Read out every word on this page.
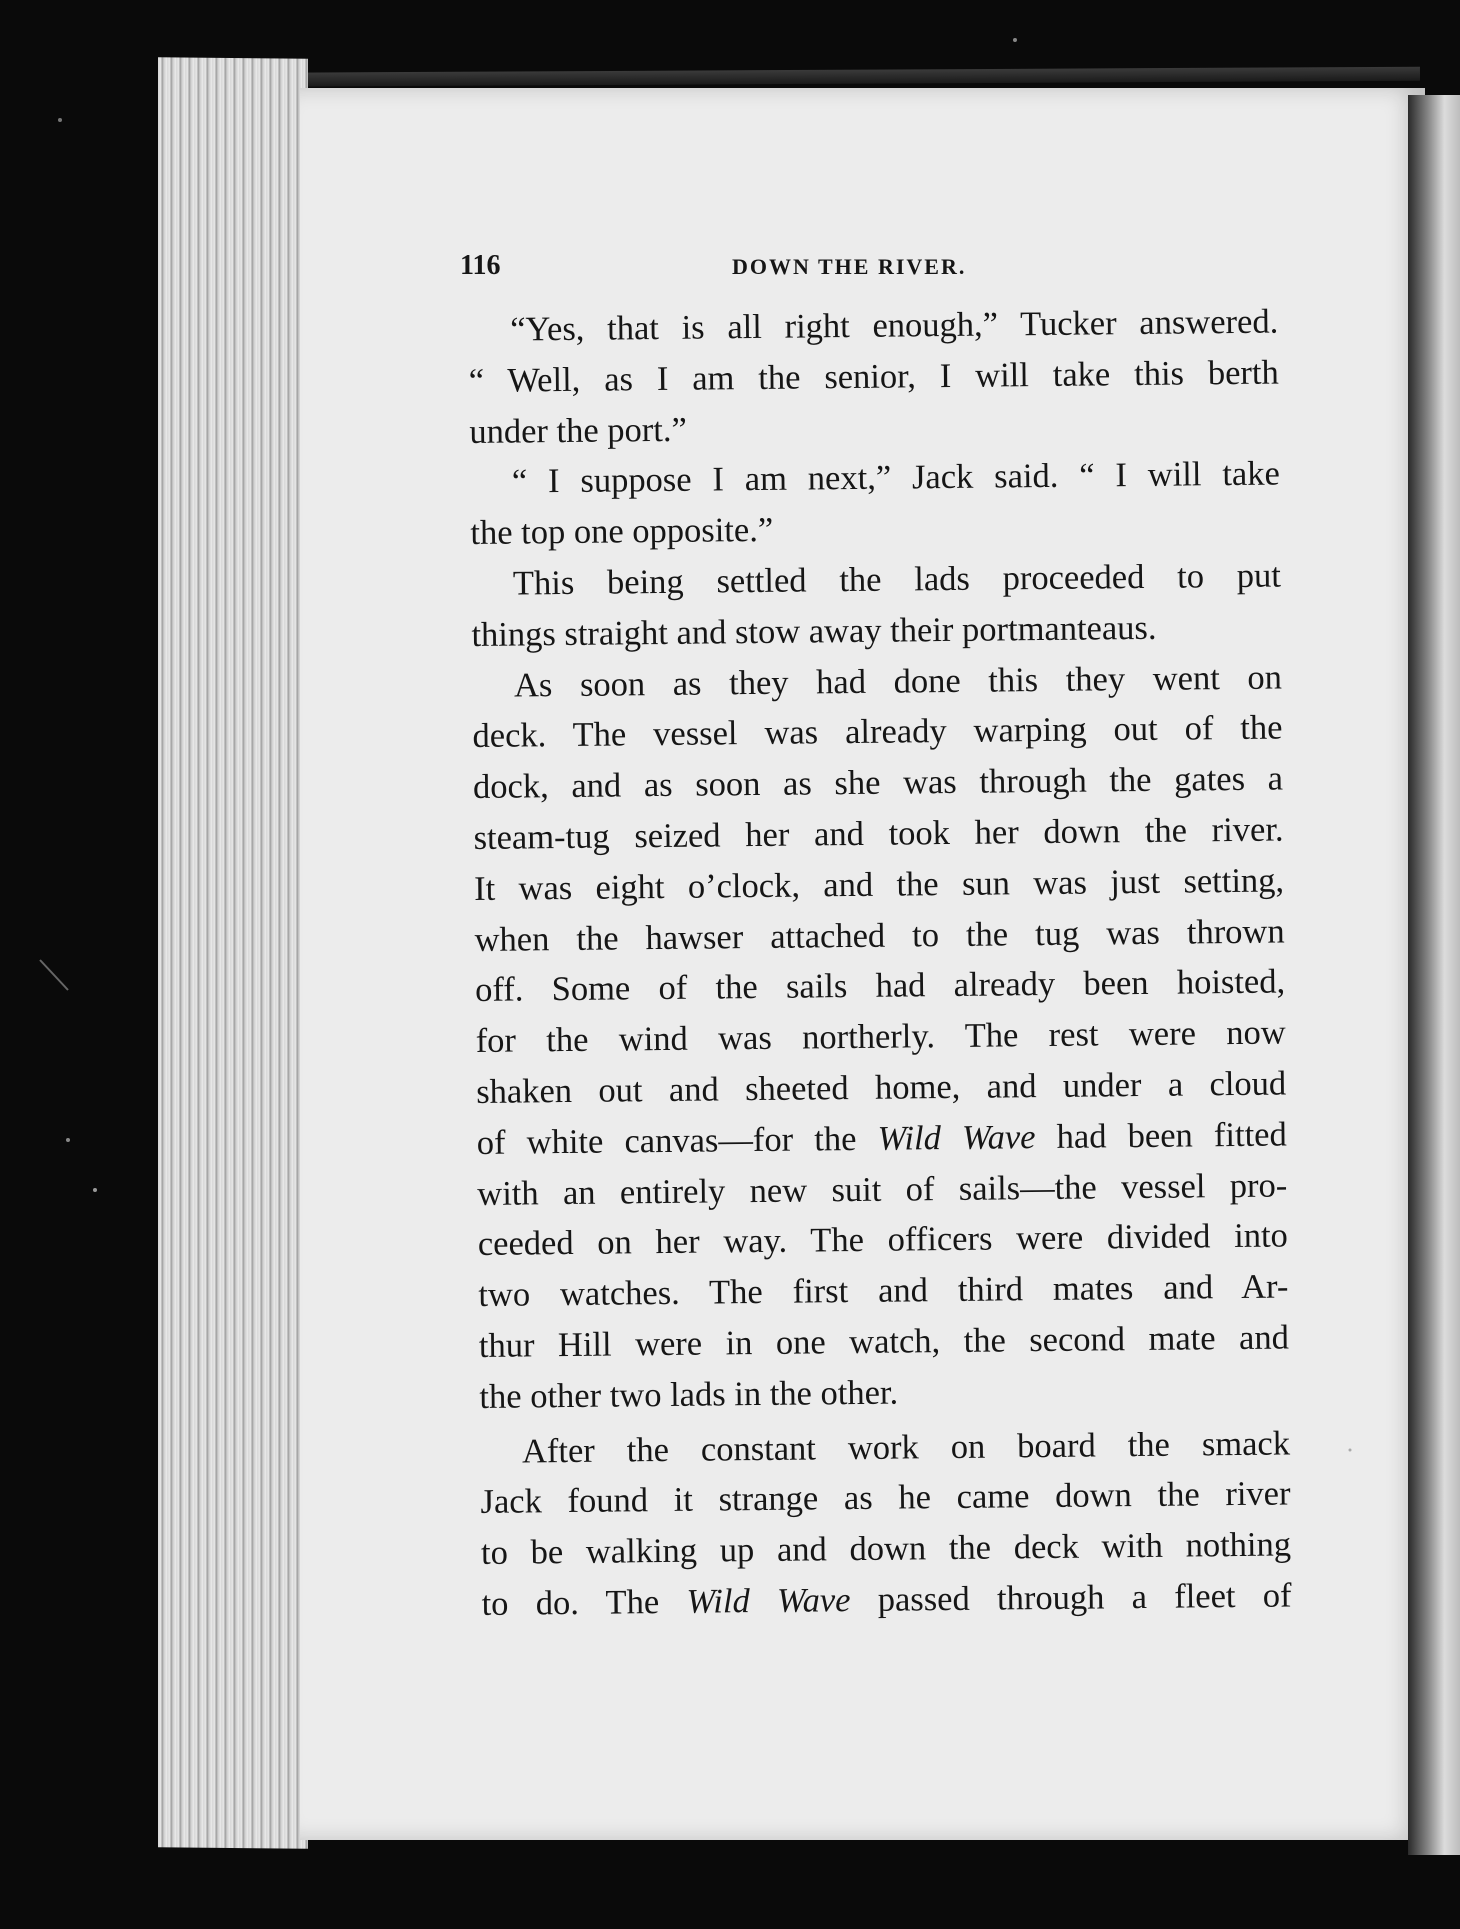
116	DOWN THE RIVER.
“Yes, that is all right enough,” Tucker answered.
“ Well, as I am the senior, I will take this berth
under the port.”
“ I suppose I am next,” Jack said. “ I will take
the top one opposite.”
This being settled the lads proceeded to put
things straight and stow away their portmanteaus.
As soon as they had done this they went on
deck. The vessel was already warping out of the
dock, and as soon as she was through the gates a
steam-tug seized her and took her down the river.
It was eight o’clock, and the sun was just setting,
when the hawser attached to the tug was thrown
off. Some of the sails had already been hoisted,
for the wind was northerly. The rest were now
shaken out and sheeted home, and under a cloud
of white canvas—for the Wild Wave had been fitted
with an entirely new suit of sails—the vessel pro-
ceeded on her way. The officers were divided into
two watches. The first and third mates and Ar-
thur Hill were in one watch, the second mate and
the other two lads in the other.
After the constant work on board the smack
Jack found it strange as he came down the river
to be walking up and down the deck with nothing
to do. The Wild Wave passed through a fleet of
